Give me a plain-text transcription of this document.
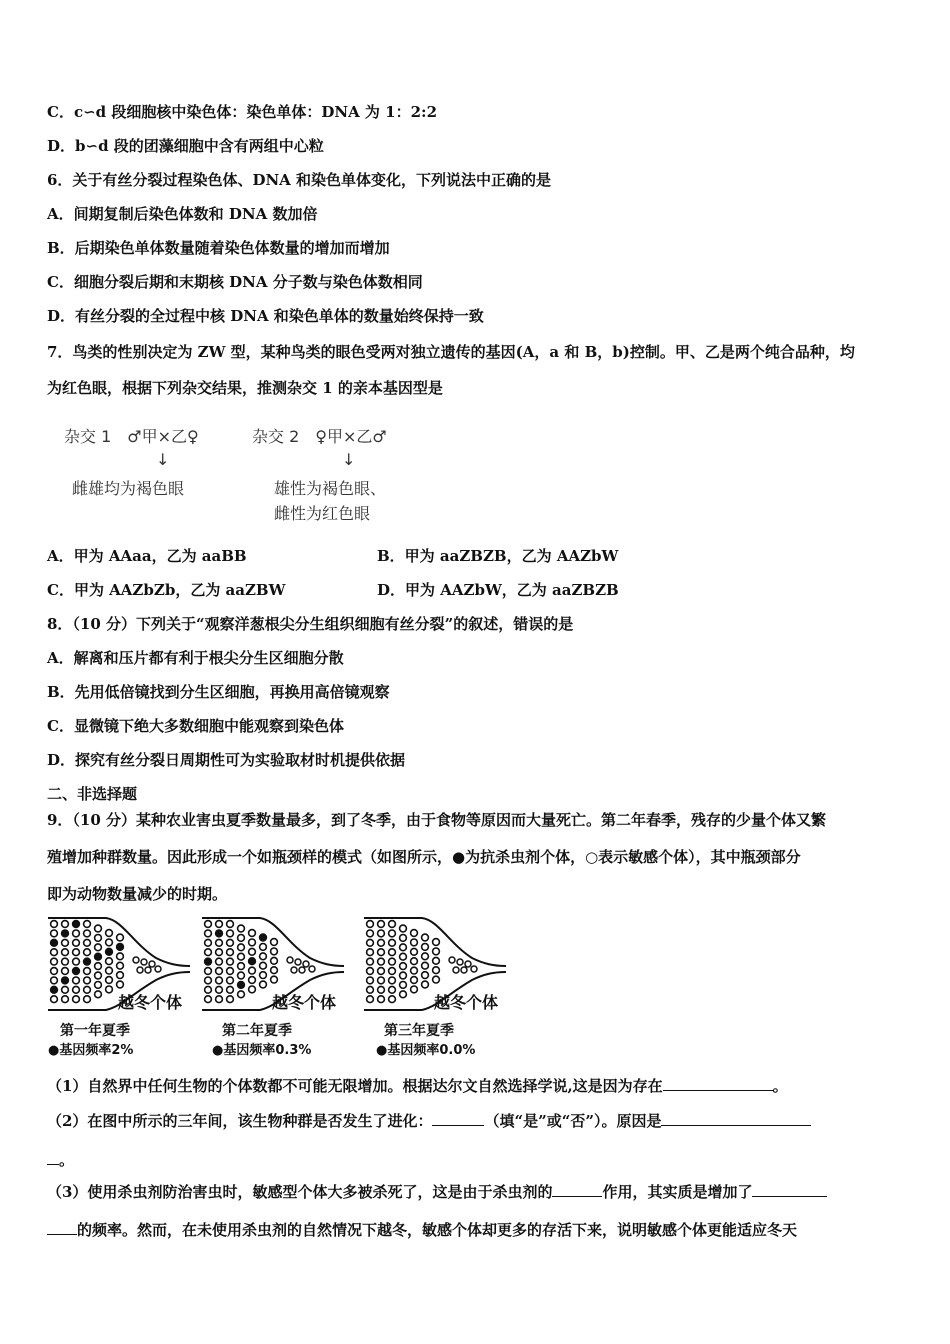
C．c∽d 段细胞核中染色体：染色单体：DNA 为 1：2:2
D．b∽d 段的团藻细胞中含有两组中心粒
6．关于有丝分裂过程染色体、DNA 和染色单体变化，下列说法中正确的是
A．间期复制后染色体数和 DNA 数加倍
B．后期染色单体数量随着染色体数量的增加而增加
C．细胞分裂后期和末期核 DNA 分子数与染色体数相同
D．有丝分裂的全过程中核 DNA 和染色单体的数量始终保持一致
7．鸟类的性别决定为 ZW 型，某种鸟类的眼色受两对独立遗传的基因(A，a 和 B，b)控制。甲、乙是两个纯合品种，均
为红色眼，根据下列杂交结果，推测杂交 1 的亲本基因型是
杂交 1　♂甲×乙♀
↓
雌雄均为褐色眼
杂交 2　♀甲×乙♂
↓
雄性为褐色眼、
雌性为红色眼
A．甲为 AAaa，乙为 aaBB	B．甲为 aaZBZB，乙为 AAZbW
C．甲为 AAZbZb，乙为 aaZBW	D．甲为 AAZbW，乙为 aaZBZB
8．（10 分）下列关于“观察洋葱根尖分生组织细胞有丝分裂”的叙述，错误的是
A．解离和压片都有利于根尖分生区细胞分散
B．先用低倍镜找到分生区细胞，再换用高倍镜观察
C．显微镜下绝大多数细胞中能观察到染色体
D．探究有丝分裂日周期性可为实验取材时机提供依据
二、非选择题
9．（10 分）某种农业害虫夏季数量最多，到了冬季，由于食物等原因而大量死亡。第二年春季，残存的少量个体又繁
殖增加种群数量。因此形成一个如瓶颈样的模式（如图所示，●为抗杀虫剂个体，○表示敏感个体），其中瓶颈部分
即为动物数量减少的时期。
越冬个体	越冬个体	越冬个体
第一年夏季
●基因频率2%
第二年夏季
●基因频率0.3%
第三年夏季
●基因频率0.0%
（1）自然界中任何生物的个体数都不可能无限增加。根据达尔文自然选择学说,这是因为存在	。
（2）在图中所示的三年间，该生物种群是否发生了进化：	（填“是”或“否”）。原因是
。
（3）使用杀虫剂防治害虫时，敏感型个体大多被杀死了，这是由于杀虫剂的	作用，其实质是增加了
的频率。然而，在未使用杀虫剂的自然情况下越冬，敏感个体却更多的存活下来，说明敏感个体更能适应冬天
